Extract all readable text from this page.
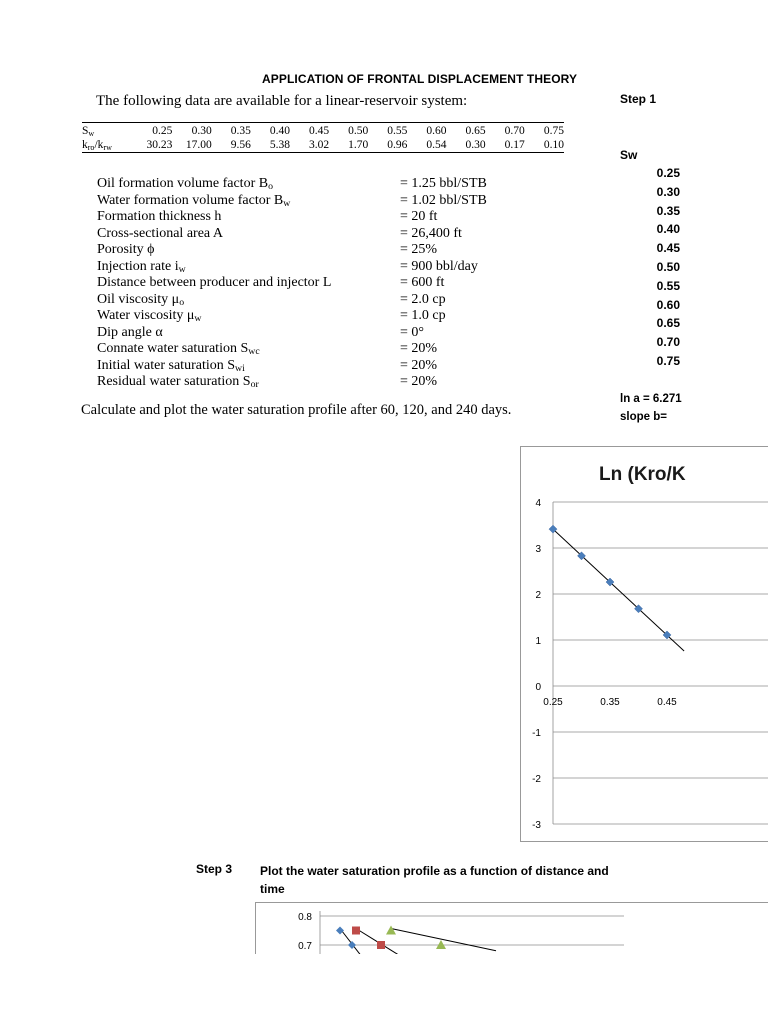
APPLICATION OF FRONTAL DISPLACEMENT THEORY
The following data are available for a linear-reservoir system:	Step 1
$S_w$	0.25	0.30	0.35	0.40	0.45	0.50	0.55	0.60	0.65	0.70	0.75
$k_{ro}/k_{rw}$	30.23	17.00	9.56	5.38	3.02	1.70	0.96	0.54	0.30	0.17	0.10
Oil formation volume factor $B_o$	= 1.25 bbl/STB
Water formation volume factor $B_w$	= 1.02 bbl/STB
Formation thickness h	= 20 ft
Cross-sectional area A	= 26,400 ft
Porosity ϕ	= 25%
Injection rate $i_w$	= 900 bbl/day
Distance between producer and injector L	= 600 ft
Oil viscosity $\mu_o$	= 2.0 cp
Water viscosity $\mu_w$	= 1.0 cp
Dip angle α	= 0°
Connate water saturation $S_{wc}$	= 20%
Initial water saturation $S_{wi}$	= 20%
Residual water saturation $S_{or}$	= 20%
Calculate and plot the water saturation profile after 60, 120, and 240 days.
Sw
0.25
0.30
0.35
0.40
0.45
0.50
0.55
0.60
0.65
0.70
0.75
ln a = 6.271
slope b=
Ln (Kro/K
4
3
2
1
0
-1
-2
-3
0.25	0.35	0.45
Step 3 Plot the water saturation profile as a function of distance and time
0.8
0.7
